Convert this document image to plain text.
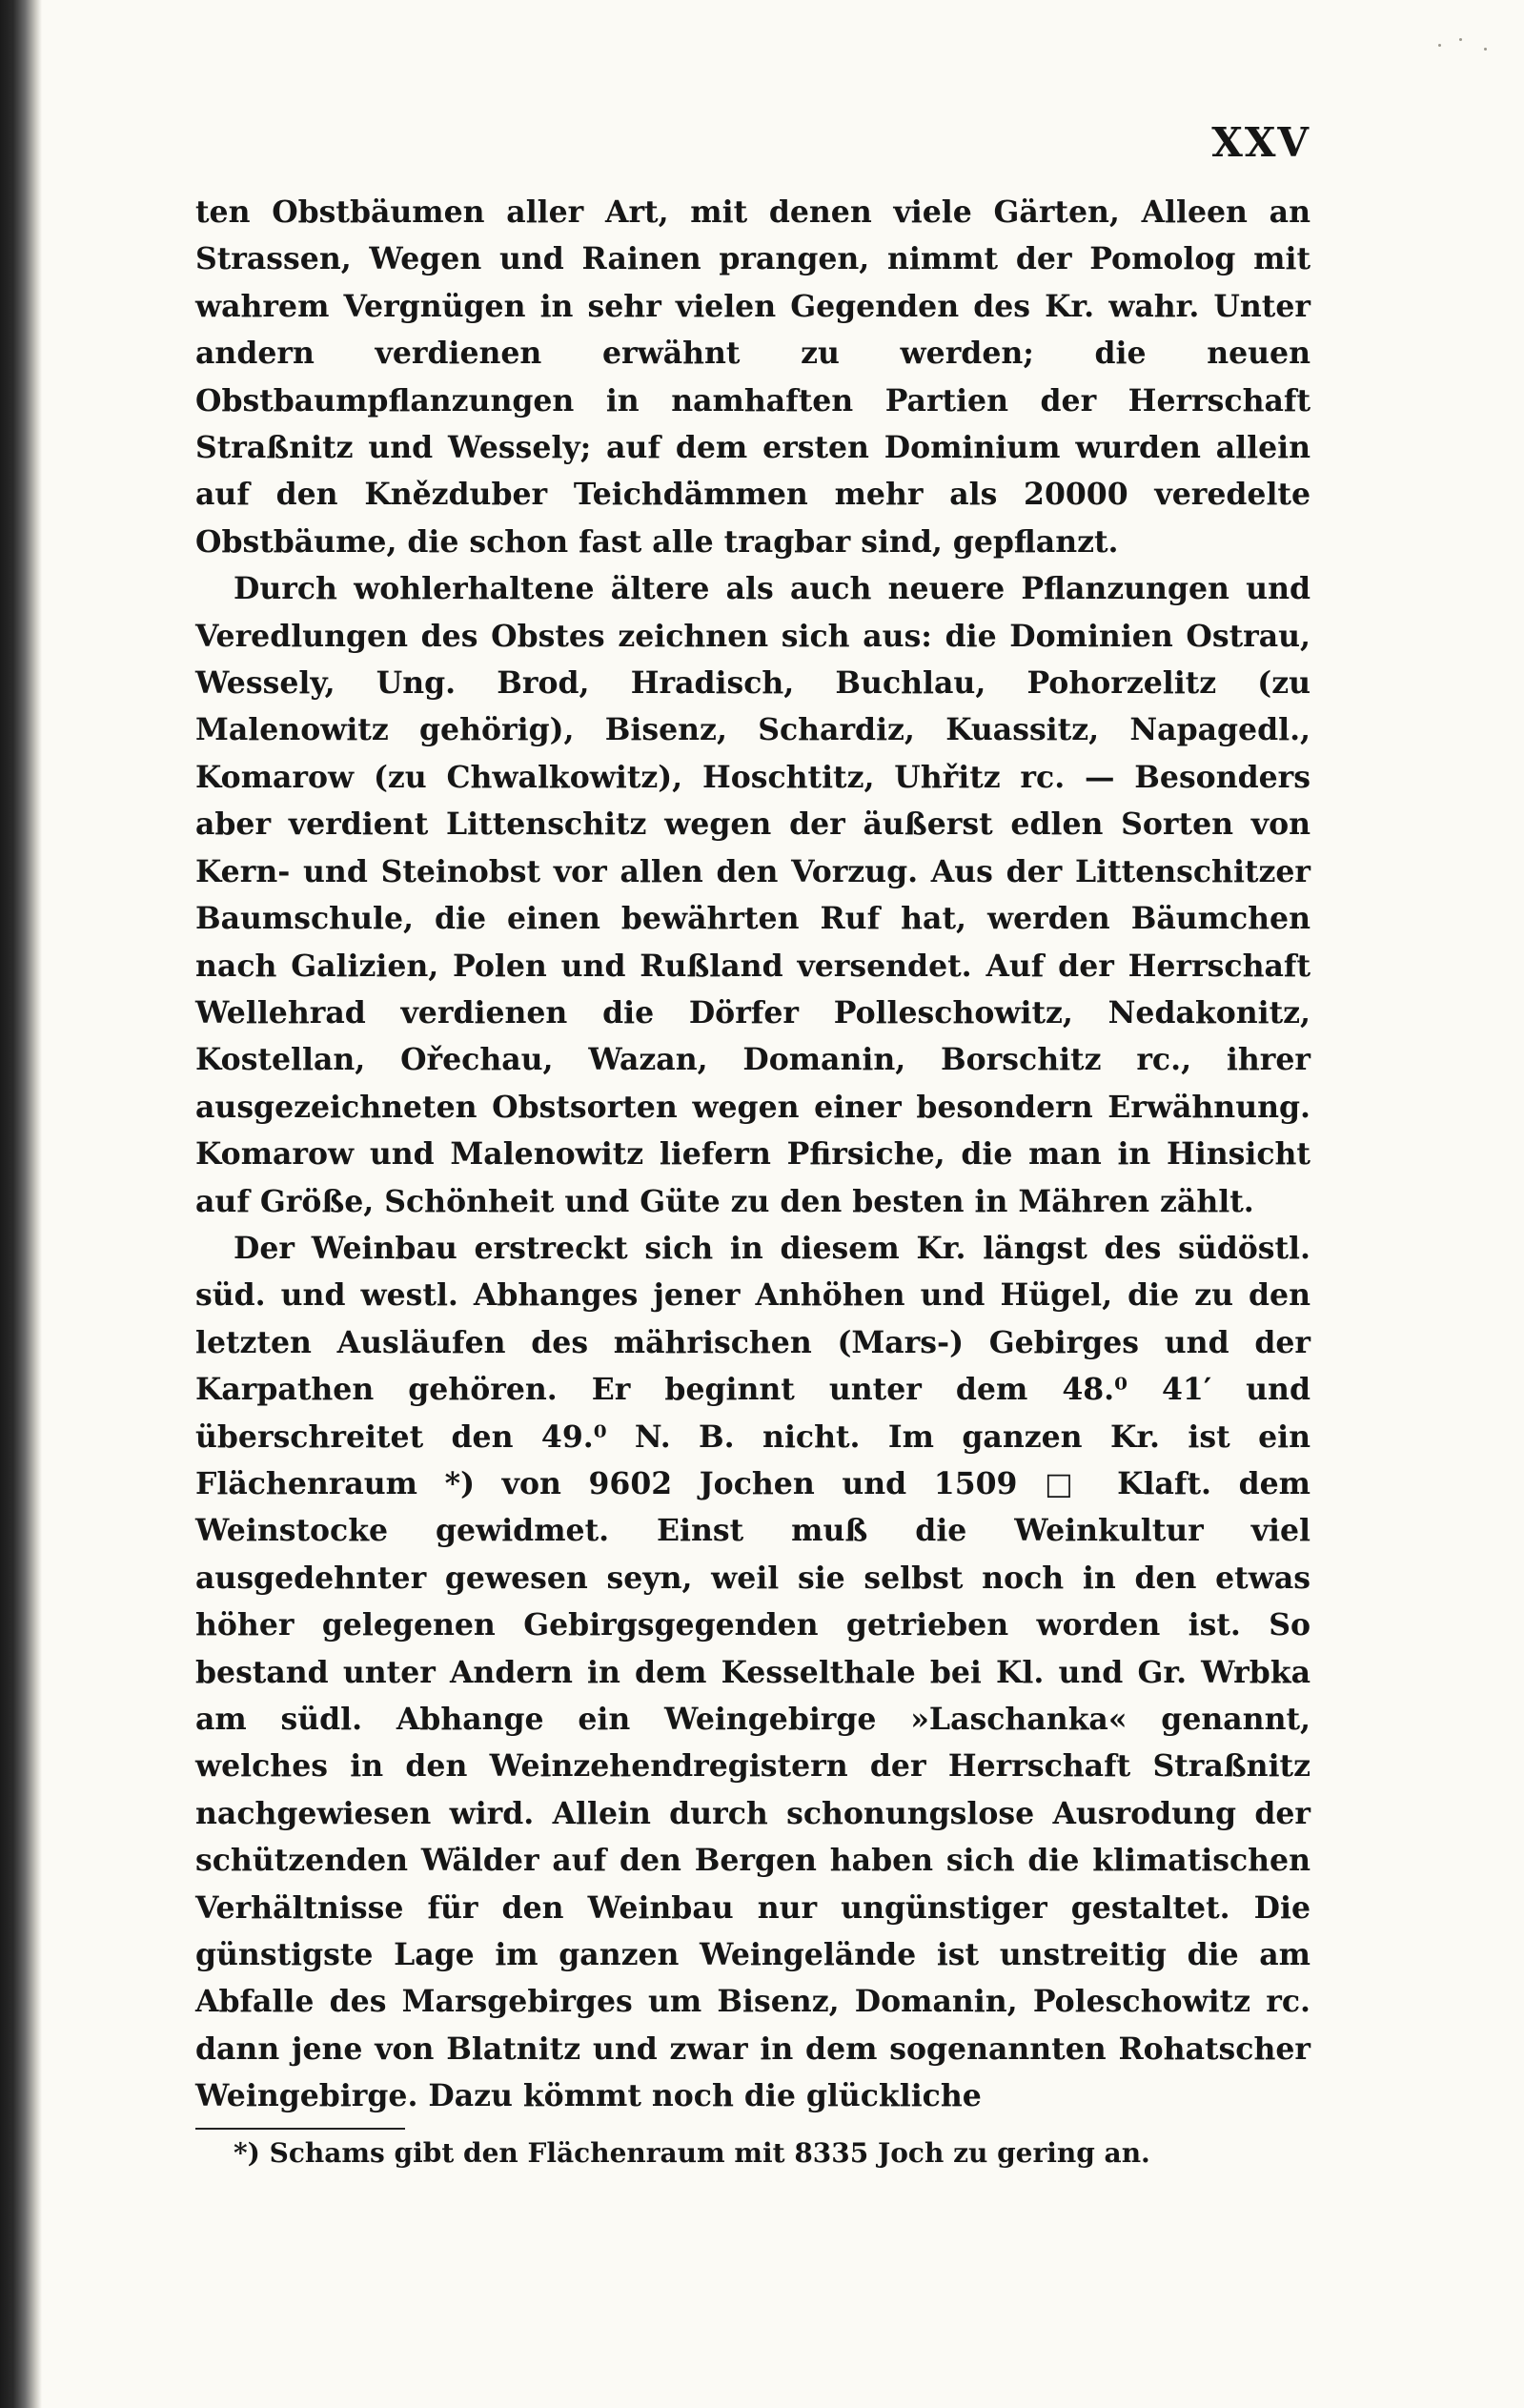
XXV

ten Obstbäumen aller Art, mit denen viele Gärten, Alleen an Strassen, Wegen und Rainen prangen, nimmt der Pomolog mit wahrem Vergnügen in sehr vielen Gegenden des Kr. wahr. Unter andern verdienen erwähnt zu werden; die neuen Obstbaumpflanzungen in namhaften Partien der Herrschaft Straßnitz und Wessely; auf dem ersten Dominium wurden allein auf den Knězduber Teichdämmen mehr als 20000 veredelte Obstbäume, die schon fast alle tragbar sind, gepflanzt.

Durch wohlerhaltene ältere als auch neuere Pflanzungen und Veredlungen des Obstes zeichnen sich aus: die Dominien Ostrau, Wessely, Ung. Brod, Hradisch, Buchlau, Pohorzelitz (zu Malenowitz gehörig), Bisenz, Schardiz, Kuassitz, Napagedl., Komarow (zu Chwalkowitz), Hoschtitz, Uhřitz rc. — Besonders aber verdient Littenschitz wegen der äußerst edlen Sorten von Kern- und Steinobst vor allen den Vorzug. Aus der Littenschitzer Baumschule, die einen bewährten Ruf hat, werden Bäumchen nach Galizien, Polen und Rußland versendet. Auf der Herrschaft Wellehrad verdienen die Dörfer Polleschowitz, Nedakonitz, Kostellan, Ořechau, Wazan, Domanin, Borschitz rc., ihrer ausgezeichneten Obstsorten wegen einer besondern Erwähnung. Komarow und Malenowitz liefern Pfirsiche, die man in Hinsicht auf Größe, Schönheit und Güte zu den besten in Mähren zählt.

Der Weinbau erstreckt sich in diesem Kr. längst des südöstl. süd. und westl. Abhanges jener Anhöhen und Hügel, die zu den letzten Ausläufen des mährischen (Mars-) Gebirges und der Karpathen gehören. Er beginnt unter dem 48.⁰ 41′ und überschreitet den 49.⁰ N. B. nicht. Im ganzen Kr. ist ein Flächenraum *) von 9602 Jochen und 1509 □ Klaft. dem Weinstocke gewidmet. Einst muß die Weinkultur viel ausgedehnter gewesen seyn, weil sie selbst noch in den etwas höher gelegenen Gebirgsgegenden getrieben worden ist. So bestand unter Andern in dem Kesselthale bei Kl. und Gr. Wrbka am südl. Abhange ein Weingebirge »Laschanka« genannt, welches in den Weinzehendregistern der Herrschaft Straßnitz nachgewiesen wird. Allein durch schonungslose Ausrodung der schützenden Wälder auf den Bergen haben sich die klimatischen Verhältnisse für den Weinbau nur ungünstiger gestaltet. Die günstigste Lage im ganzen Weingelände ist unstreitig die am Abfalle des Marsgebirges um Bisenz, Domanin, Poleschowitz rc. dann jene von Blatnitz und zwar in dem sogenannten Rohatscher Weingebirge. Dazu kömmt noch die glückliche

*) Schams gibt den Flächenraum mit 8335 Joch zu gering an.
